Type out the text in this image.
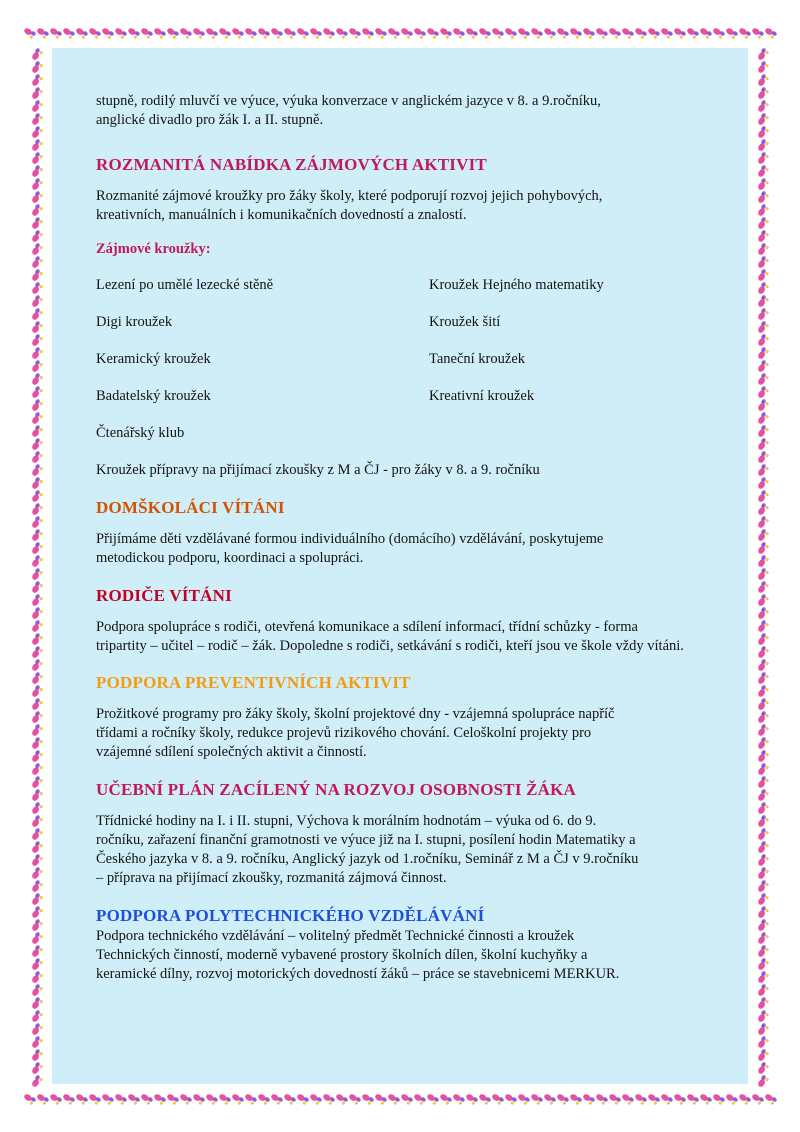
stupně, rodilý mluvčí ve výuce, výuka konverzace v anglickém jazyce v 8. a 9.ročníku,
anglické divadlo pro žák I. a II. stupně.

ROZMANITÁ NABÍDKA ZÁJMOVÝCH AKTIVIT

Rozmanité zájmové kroužky pro žáky školy, které podporují rozvoj jejich pohybových,
kreativních, manuálních i komunikačních dovedností a znalostí.

Zájmové kroužky:

Lezení po umělé lezecké stěně	Kroužek Hejného matematiky
Digi kroužek	Kroužek šití
Keramický kroužek	Taneční kroužek
Badatelský kroužek	Kreativní kroužek
Čtenářský klub

Kroužek přípravy na přijímací zkoušky z M a ČJ - pro žáky v 8. a 9. ročníku

DOMŠKOLÁCI VÍTÁNI

Přijímáme děti vzdělávané formou individuálního (domácího) vzdělávání, poskytujeme
metodickou podporu, koordinaci a spolupráci.

RODIČE VÍTÁNI

Podpora spolupráce s rodiči, otevřená komunikace a sdílení informací, třídní schůzky - forma
tripartity – učitel – rodič – žák. Dopoledne s rodiči, setkávání s rodiči, kteří jsou ve škole vždy vítáni.

PODPORA PREVENTIVNÍCH AKTIVIT

Prožitkové programy pro žáky školy, školní projektové dny - vzájemná spolupráce napříč
třídami a ročníky školy, redukce projevů rizikového chování. Celoškolní projekty pro
vzájemné sdílení společných aktivit a činností.

UČEBNÍ PLÁN ZACÍLENÝ NA ROZVOJ OSOBNOSTI ŽÁKA

Třídnické hodiny na I. i II. stupni, Výchova k morálním hodnotám – výuka od 6. do 9.
ročníku, zařazení finanční gramotnosti ve výuce již na I. stupni, posílení hodin Matematiky a
Českého jazyka v 8. a 9. ročníku, Anglický jazyk od 1.ročníku, Seminář z M a ČJ v 9.ročníku
– příprava na přijímací zkoušky, rozmanitá zájmová činnost.

PODPORA POLYTECHNICKÉHO VZDĚLÁVÁNÍ

Podpora technického vzdělávání – volitelný předmět Technické činnosti a kroužek
Technických činností, moderně vybavené prostory školních dílen, školní kuchyňky a
keramické dílny, rozvoj motorických dovedností žáků – práce se stavebnicemi MERKUR.
